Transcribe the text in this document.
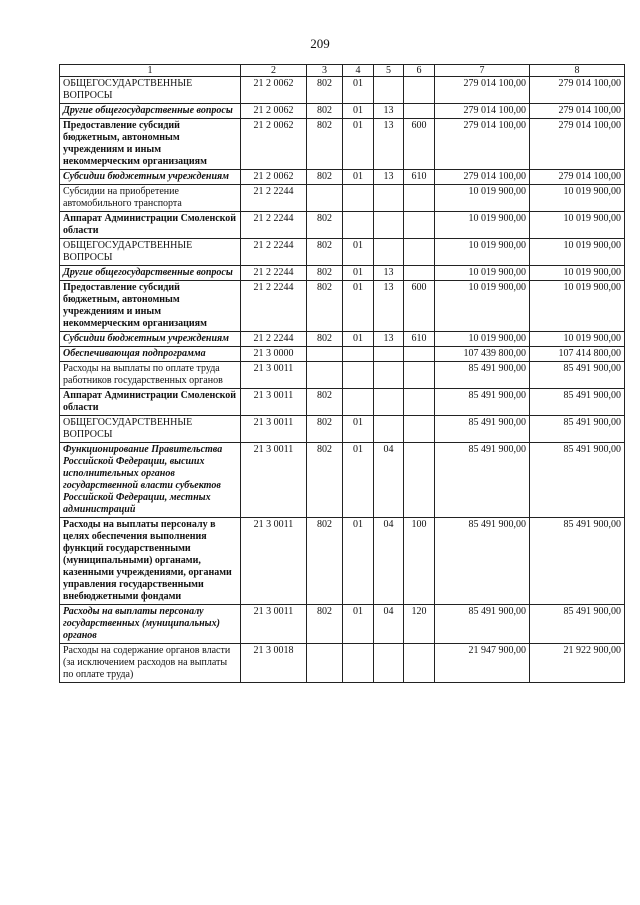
209
1	2	3	4	5	6	7	8
ОБЩЕГОСУДАРСТВЕННЫЕ ВОПРОСЫ	21 2 0062	802	01			279 014 100,00	279 014 100,00
Другие общегосударственные вопросы	21 2 0062	802	01	13		279 014 100,00	279 014 100,00
Предоставление субсидий бюджетным, автономным учреждениям и иным некоммерческим организациям	21 2 0062	802	01	13	600	279 014 100,00	279 014 100,00
Субсидии бюджетным учреждениям	21 2 0062	802	01	13	610	279 014 100,00	279 014 100,00
Субсидии на приобретение автомобильного транспорта	21 2 2244					10 019 900,00	10 019 900,00
Аппарат Администрации Смоленской области	21 2 2244	802				10 019 900,00	10 019 900,00
ОБЩЕГОСУДАРСТВЕННЫЕ ВОПРОСЫ	21 2 2244	802	01			10 019 900,00	10 019 900,00
Другие общегосударственные вопросы	21 2 2244	802	01	13		10 019 900,00	10 019 900,00
Предоставление субсидий бюджетным, автономным учреждениям и иным некоммерческим организациям	21 2 2244	802	01	13	600	10 019 900,00	10 019 900,00
Субсидии бюджетным учреждениям	21 2 2244	802	01	13	610	10 019 900,00	10 019 900,00
Обеспечивающая подпрограмма	21 3 0000					107 439 800,00	107 414 800,00
Расходы на выплаты по оплате труда работников государственных органов	21 3 0011					85 491 900,00	85 491 900,00
Аппарат Администрации Смоленской области	21 3 0011	802				85 491 900,00	85 491 900,00
ОБЩЕГОСУДАРСТВЕННЫЕ ВОПРОСЫ	21 3 0011	802	01			85 491 900,00	85 491 900,00
Функционирование Правительства Российской Федерации, высших исполнительных органов государственной власти субъектов Российской Федерации, местных администраций	21 3 0011	802	01	04		85 491 900,00	85 491 900,00
Расходы на выплаты персоналу в целях обеспечения выполнения функций государственными (муниципальными) органами, казенными учреждениями, органами управления государственными внебюджетными фондами	21 3 0011	802	01	04	100	85 491 900,00	85 491 900,00
Расходы на выплаты персоналу государственных (муниципальных) органов	21 3 0011	802	01	04	120	85 491 900,00	85 491 900,00
Расходы на содержание органов власти (за исключением расходов на выплаты по оплате труда)	21 3 0018					21 947 900,00	21 922 900,00
